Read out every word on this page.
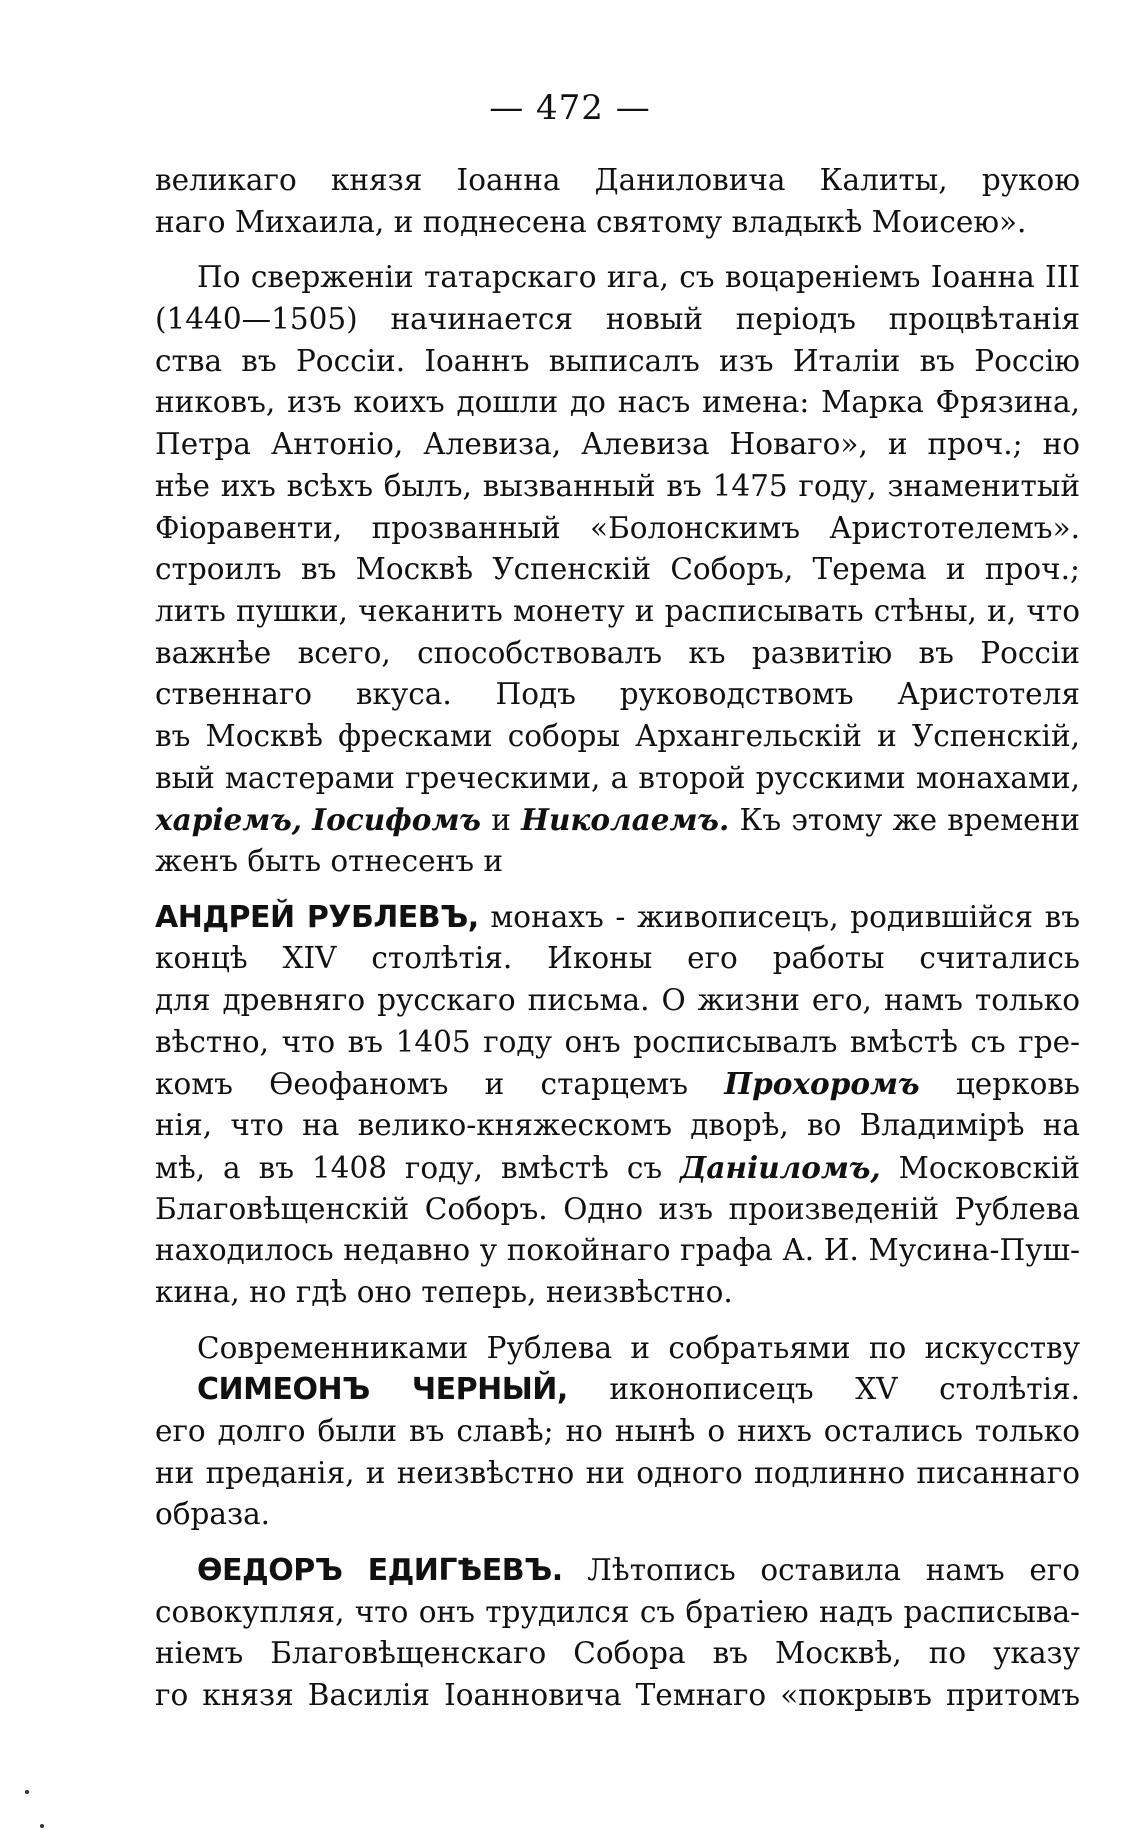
— 472 —
великаго князя Іоанна Даниловича Калиты, рукою
наго Михаила, и поднесена святому владыкѣ Моисею».
По сверженіи татарскаго ига, съ воцареніемъ Іоанна III
(1440—1505) начинается новый періодъ процвѣтанія
ства въ Россіи. Іоаннъ выписалъ изъ Италіи въ Россію
никовъ, изъ коихъ дошли до насъ имена: Марка Фрязина,
Петра Антоніо, Алевиза, Алевиза Новаго», и проч.; но
нѣе ихъ всѣхъ былъ, вызванный въ 1475 году, знаменитый
Фіоравенти, прозванный «Болонскимъ Аристотелемъ».
строилъ въ Москвѣ Успенскій Соборъ, Терема и проч.;
лить пушки, чеканить монету и расписывать стѣны, и, что
важнѣе всего, способствовалъ къ развитію въ Россіи
ственнаго вкуса. Подъ руководствомъ Аристотеля
въ Москвѣ фресками соборы Архангельскій и Успенскій,
вый мастерами греческими, а второй русскими монахами,
харіемъ, Іосифомъ и Николаемъ. Къ этому же времени
женъ быть отнесенъ и
АНДРЕЙ РУБЛЕВЪ, монахъ - живописецъ, родившійся въ
концѣ XIV столѣтія. Иконы его работы считались
для древняго русскаго письма. О жизни его, намъ только
вѣстно, что въ 1405 году онъ росписывалъ вмѣстѣ съ гре-
комъ Ѳеофаномъ и старцемъ Прохоромъ церковь
нія, что на велико-княжескомъ дворѣ, во Владимірѣ на
мѣ, а въ 1408 году, вмѣстѣ съ Даніиломъ, Московскій
Благовѣщенскій Соборъ. Одно изъ произведеній Рублева
находилось недавно у покойнаго графа А. И. Мусина-Пуш-
кина, но гдѣ оно теперь, неизвѣстно.
Современниками Рублева и собратьями по искусству
СИМЕОНЪ ЧЕРНЫЙ, иконописецъ XV столѣтія.
его долго были въ славѣ; но нынѣ о нихъ остались только
ни преданія, и неизвѣстно ни одного подлинно писаннаго
образа.
ѲЕДОРЪ ЕДИГѢЕВЪ. Лѣтопись оставила намъ его
совокупляя, что онъ трудился съ братіею надъ расписыва-
ніемъ Благовѣщенскаго Собора въ Москвѣ, по указу
го князя Василія Іоанновича Темнаго «покрывъ притомъ
